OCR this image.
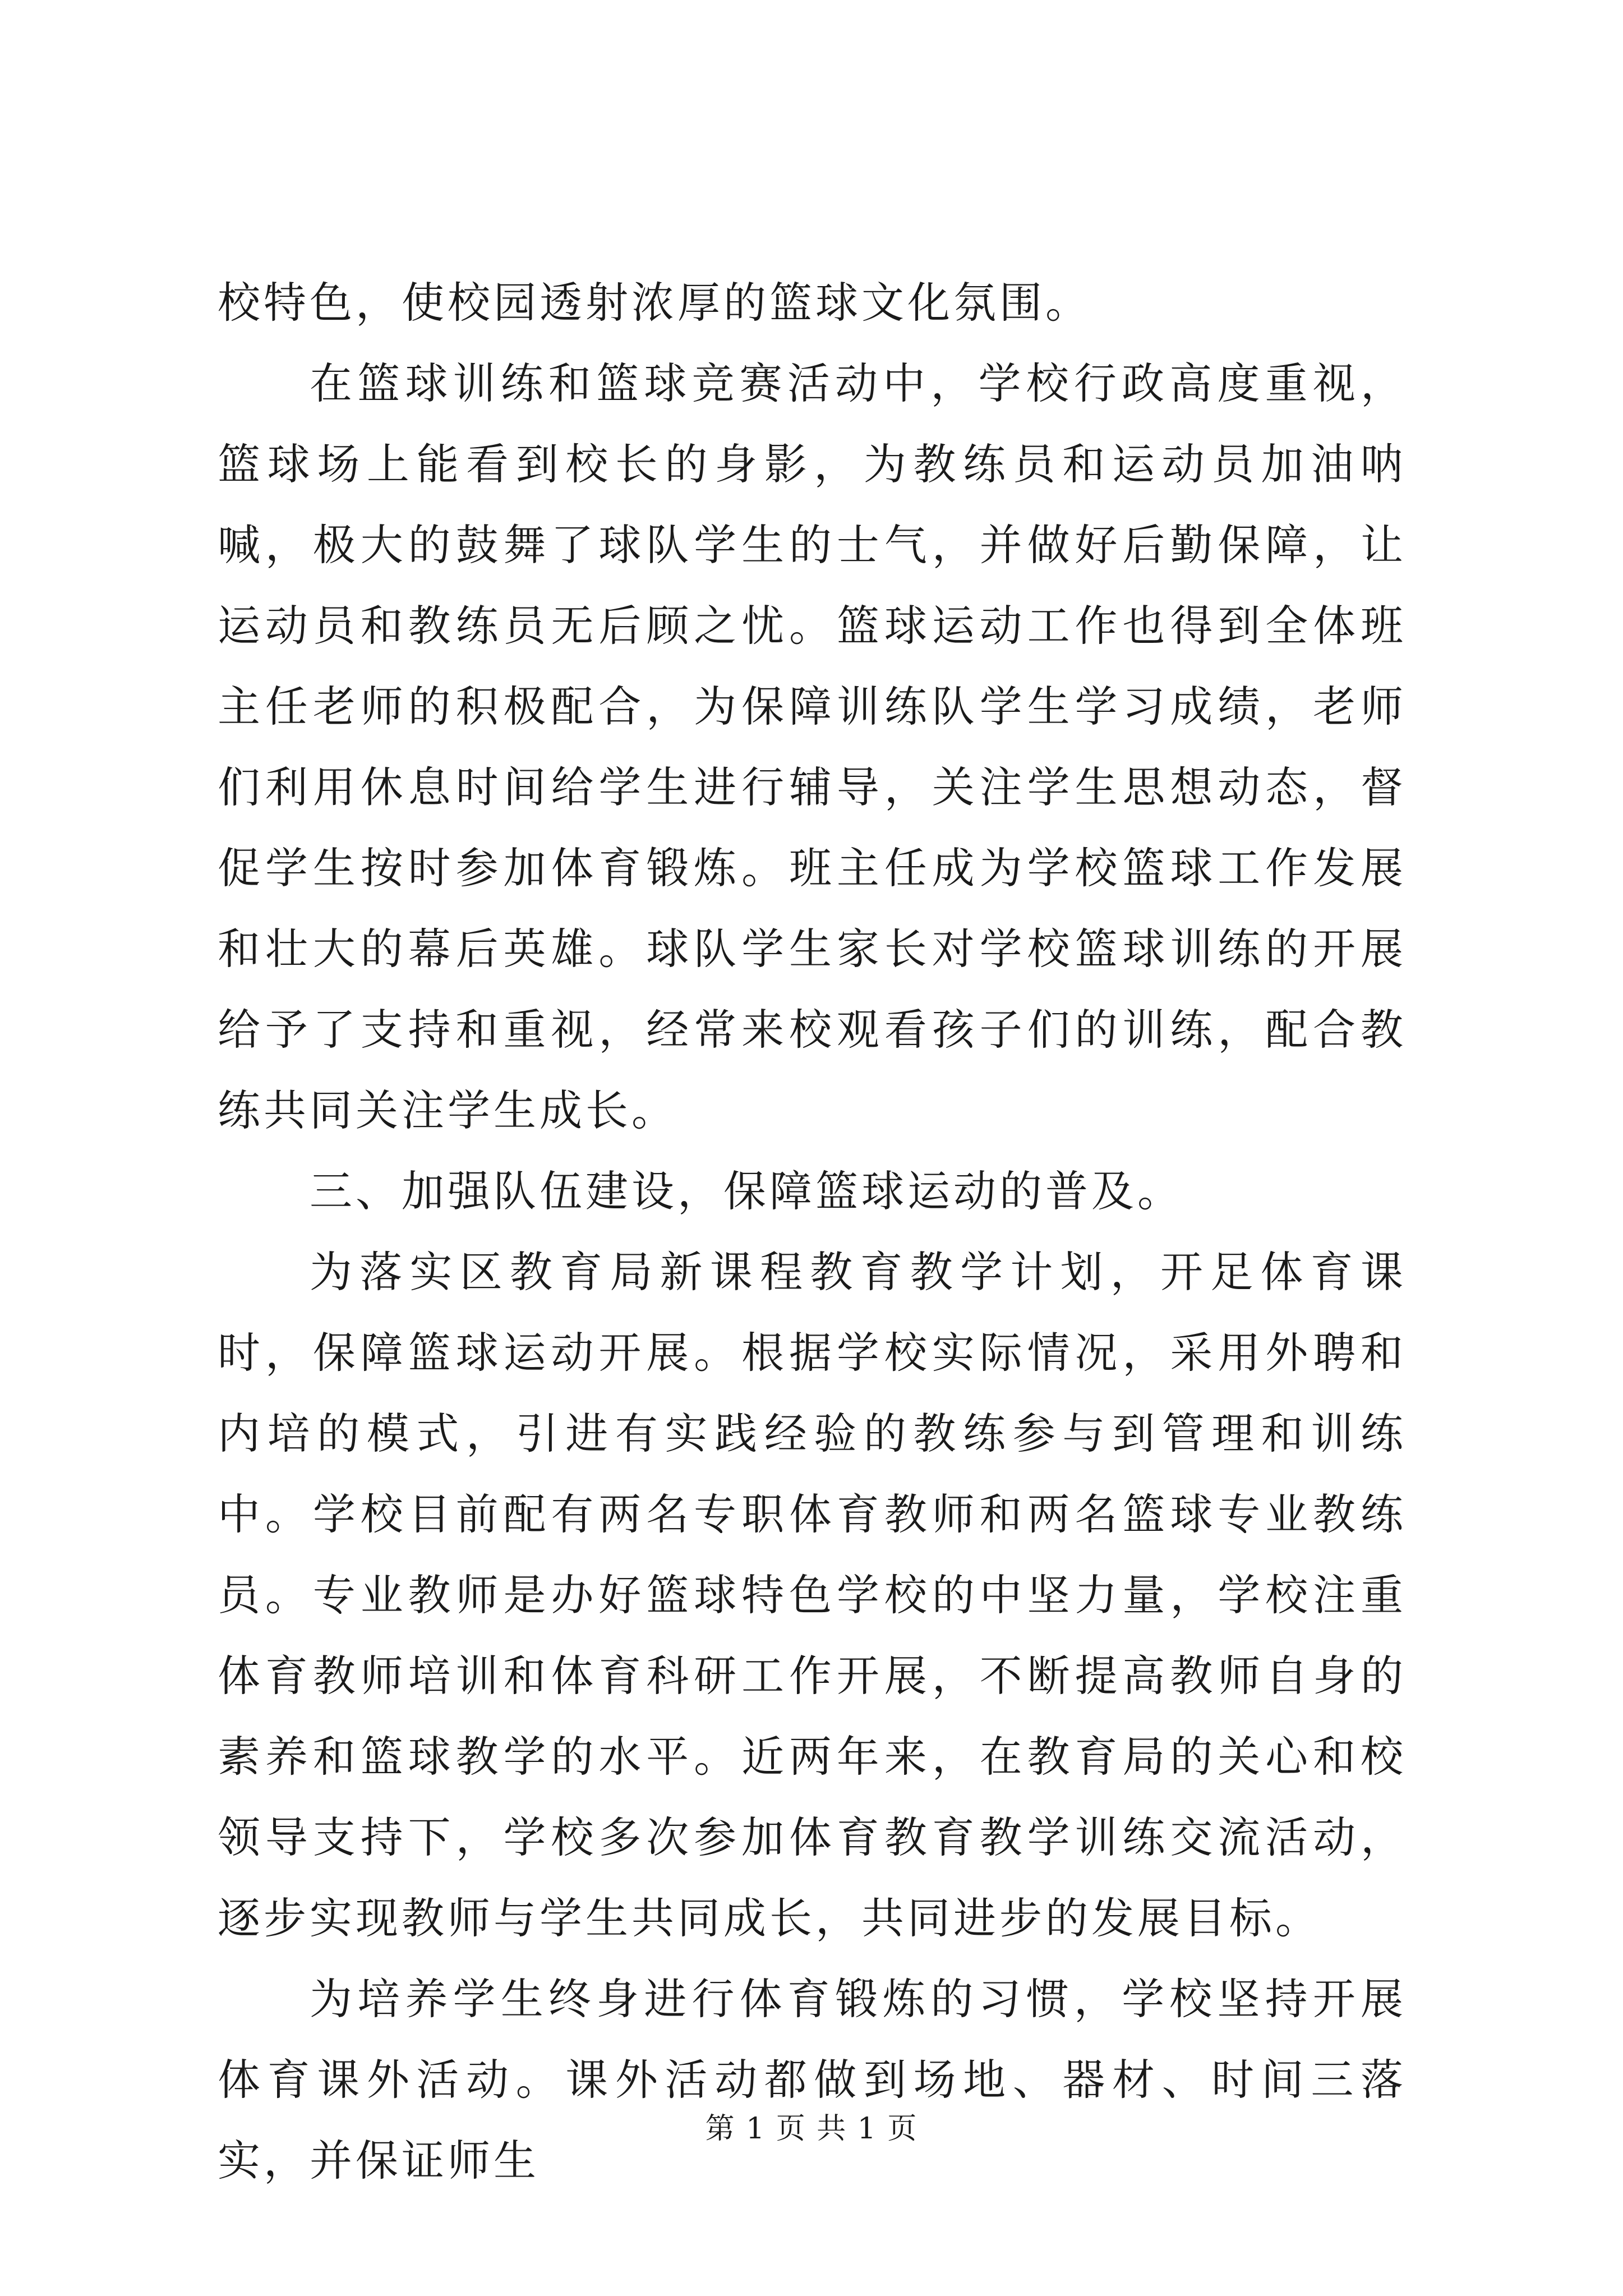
校特色，使校园透射浓厚的篮球文化氛围。

在篮球训练和篮球竞赛活动中，学校行政高度重视，篮球场上能看到校长的身影，为教练员和运动员加油呐喊，极大的鼓舞了球队学生的士气，并做好后勤保障，让运动员和教练员无后顾之忧。篮球运动工作也得到全体班主任老师的积极配合，为保障训练队学生学习成绩，老师们利用休息时间给学生进行辅导，关注学生思想动态，督促学生按时参加体育锻炼。班主任成为学校篮球工作发展和壮大的幕后英雄。球队学生家长对学校篮球训练的开展给予了支持和重视，经常来校观看孩子们的训练，配合教练共同关注学生成长。

三、加强队伍建设，保障篮球运动的普及。

为落实区教育局新课程教育教学计划，开足体育课时，保障篮球运动开展。根据学校实际情况，采用外聘和内培的模式，引进有实践经验的教练参与到管理和训练中。学校目前配有两名专职体育教师和两名篮球专业教练员。专业教师是办好篮球特色学校的中坚力量，学校注重体育教师培训和体育科研工作开展，不断提高教师自身的素养和篮球教学的水平。近两年来，在教育局的关心和校领导支持下，学校多次参加体育教育教学训练交流活动，逐步实现教师与学生共同成长，共同进步的发展目标。

为培养学生终身进行体育锻炼的习惯，学校坚持开展体育课外活动。课外活动都做到场地、器材、时间三落实，并保证师生

第 1 页 共 1 页
